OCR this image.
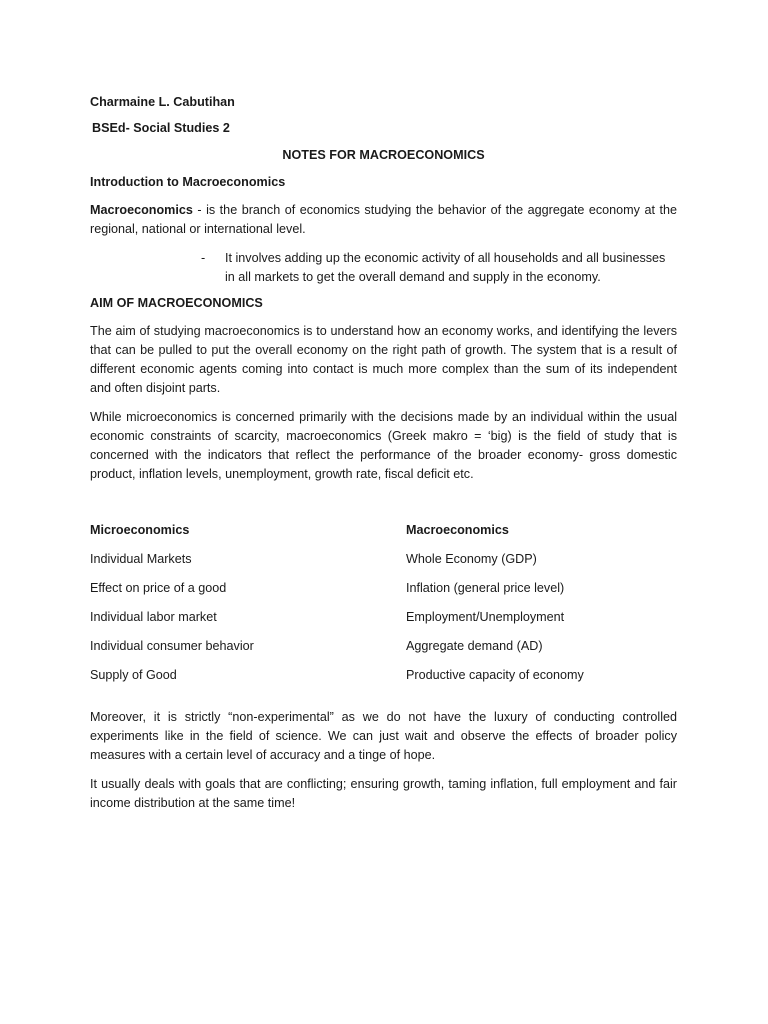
Charmaine L. Cabutihan
BSEd- Social Studies 2
NOTES FOR MACROECONOMICS
Introduction to Macroeconomics

Macroeconomics - is the branch of economics studying the behavior of the aggregate economy at the regional, national or international level.

- It involves adding up the economic activity of all households and all businesses in all markets to get the overall demand and supply in the economy.
AIM OF MACROECONOMICS

The aim of studying macroeconomics is to understand how an economy works, and identifying the levers that can be pulled to put the overall economy on the right path of growth. The system that is a result of different economic agents coming into contact is much more complex than the sum of its independent and often disjoint parts.

While microeconomics is concerned primarily with the decisions made by an individual within the usual economic constraints of scarcity, macroeconomics (Greek makro = ‘big) is the field of study that is concerned with the indicators that reflect the performance of the broader economy- gross domestic product, inflation levels, unemployment, growth rate, fiscal deficit etc.

Microeconomics	Macroeconomics
Individual Markets	Whole Economy (GDP)
Effect on price of a good	Inflation (general price level)
Individual labor market	Employment/Unemployment
Individual consumer behavior	Aggregate demand (AD)
Supply of Good	Productive capacity of economy

Moreover, it is strictly “non-experimental” as we do not have the luxury of conducting controlled experiments like in the field of science. We can just wait and observe the effects of broader policy measures with a certain level of accuracy and a tinge of hope.

It usually deals with goals that are conflicting; ensuring growth, taming inflation, full employment and fair income distribution at the same time!
